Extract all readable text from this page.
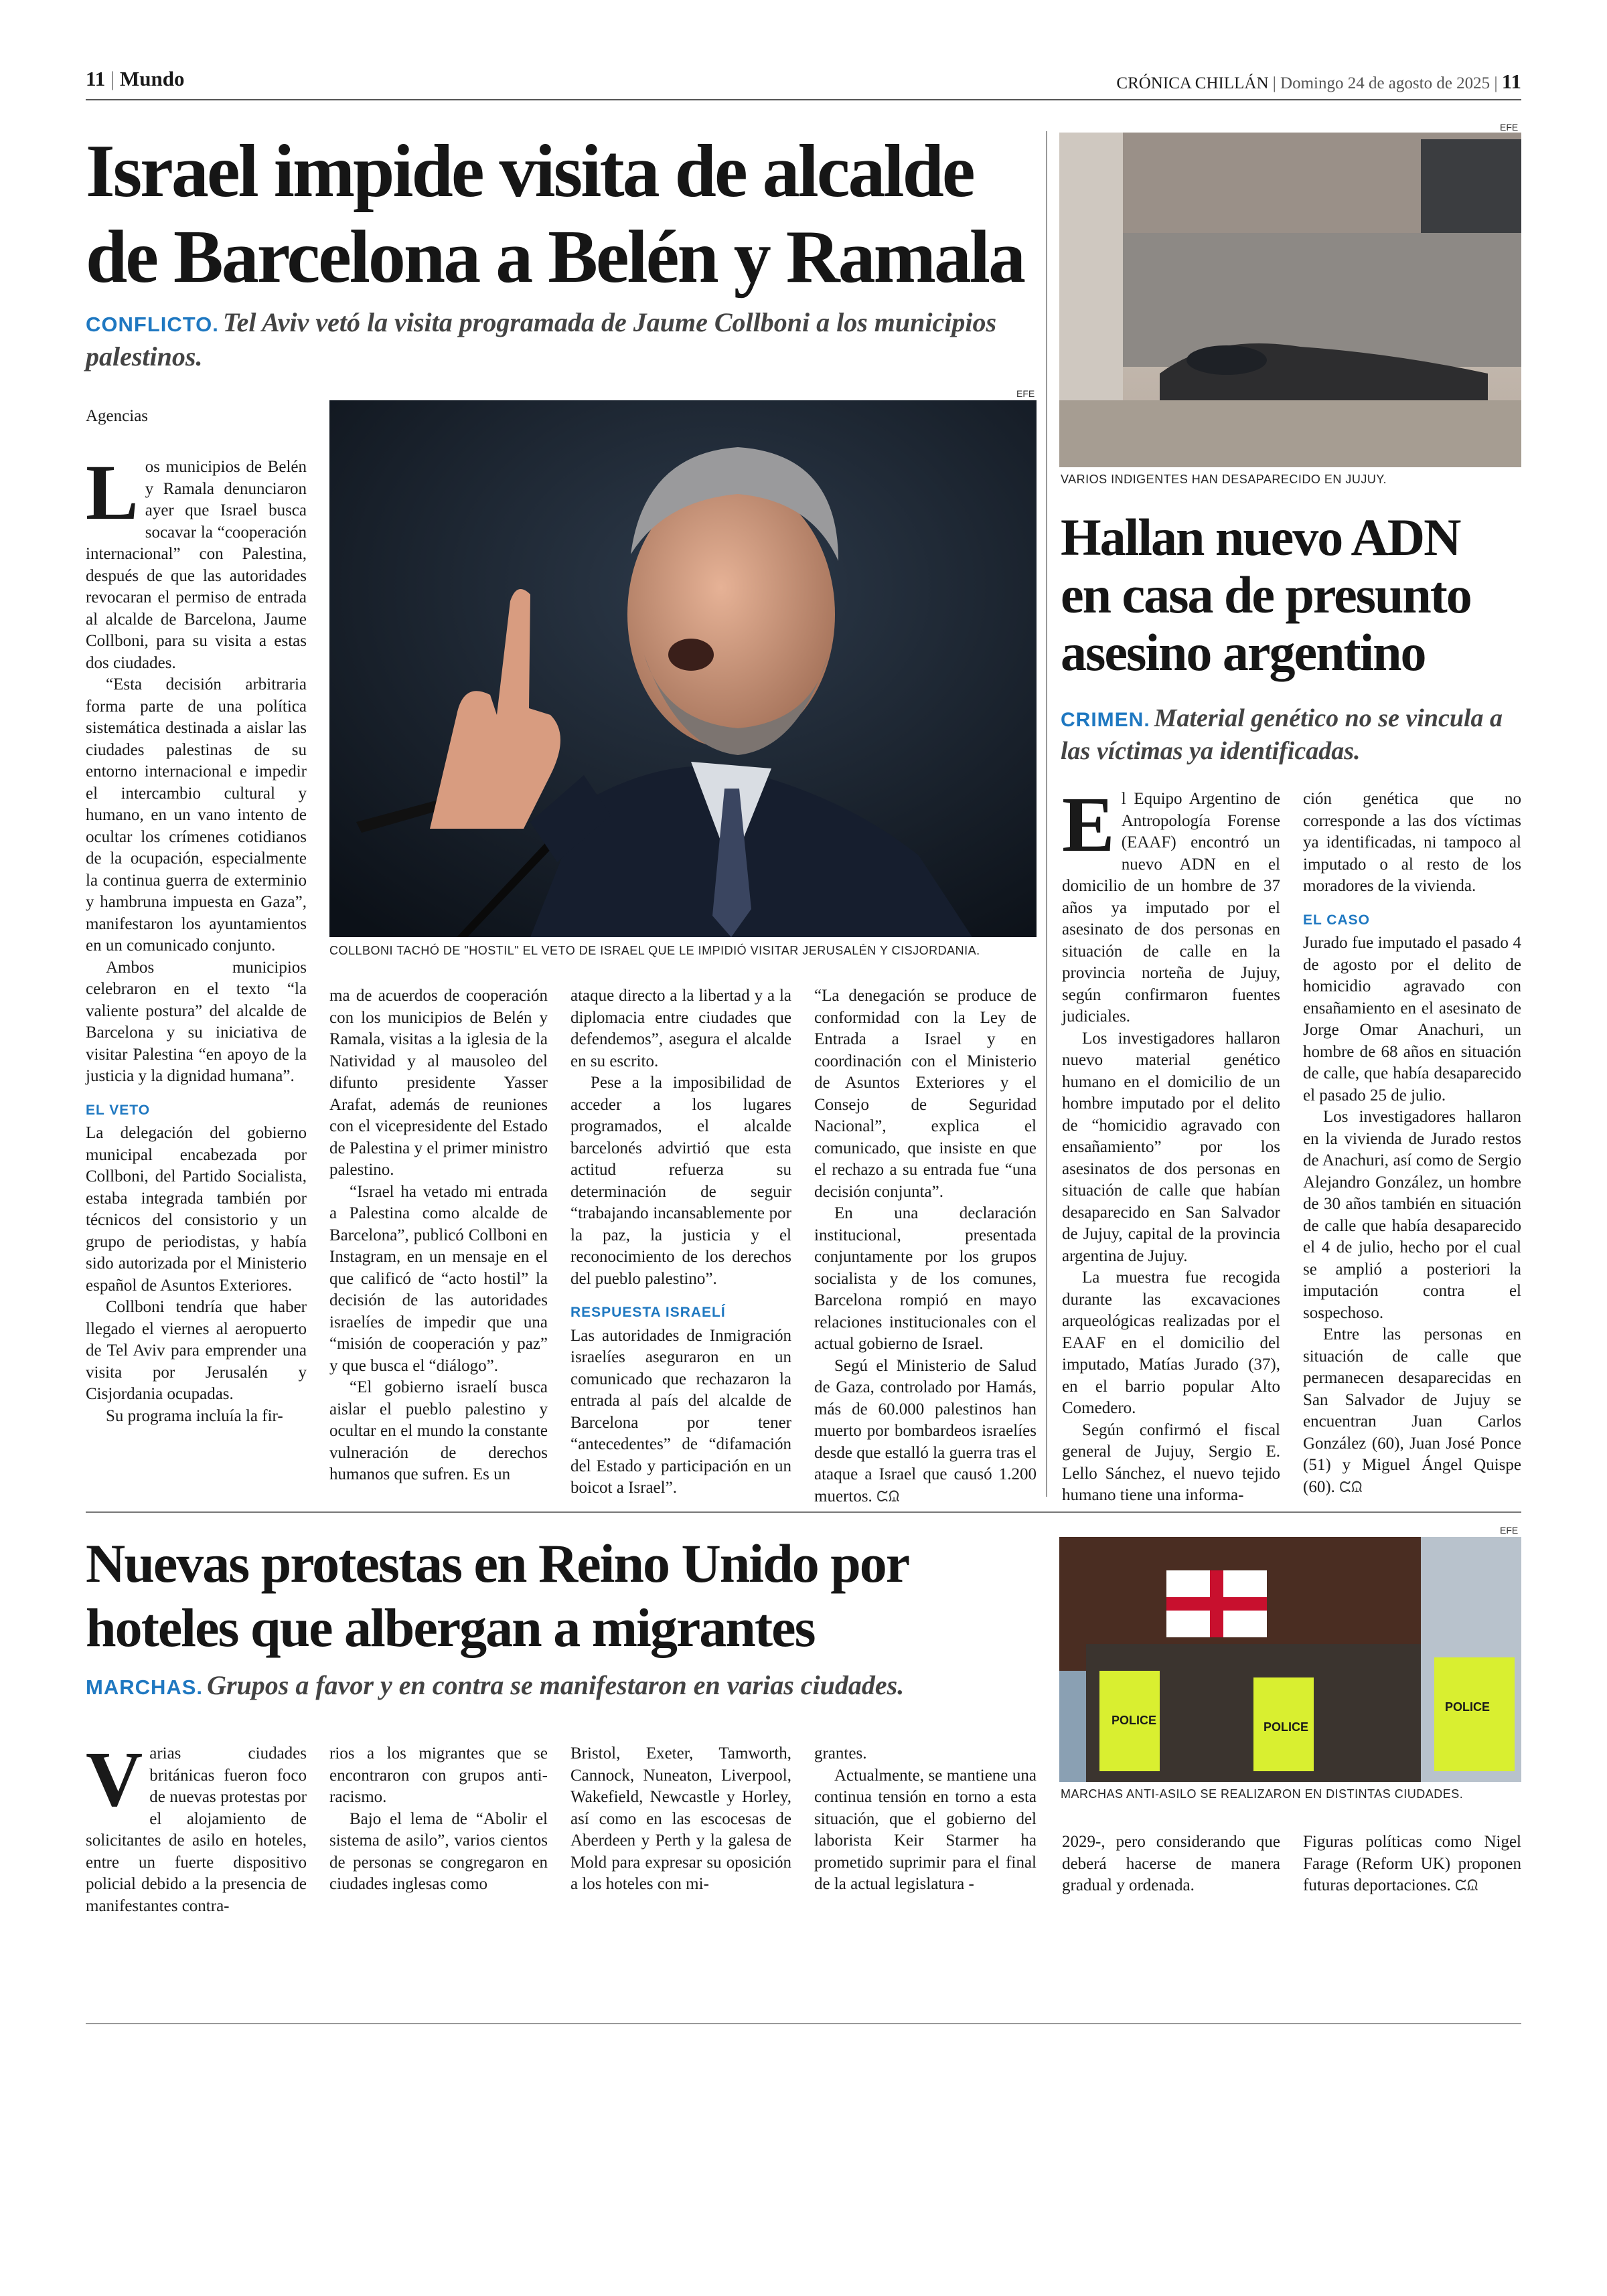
11 | Mundo	CRÓNICA CHILLÁN | Domingo 24 de agosto de 2025 | 11
Israel impide visita de alcalde
de Barcelona a Belén y Ramala
CONFLICTO. Tel Aviv vetó la visita programada de Jaume Collboni a los municipios palestinos.
Agencias
EFE
COLLBONI TACHÓ DE "HOSTIL" EL VETO DE ISRAEL QUE LE IMPIDIÓ VISITAR JERUSALÉN Y CISJORDANIA.

Los municipios de Belén y Ramala denunciaron ayer que Israel busca socavar la “cooperación internacional” con Palestina, después de que las autoridades revocaran el permiso de entrada al alcalde de Barcelona, Jaume Collboni, para su visita a estas dos ciudades.

“Esta decisión arbitraria forma parte de una política sistemática destinada a aislar las ciudades palestinas de su entorno internacional e impedir el intercambio cultural y humano, en un vano intento de ocultar los crímenes cotidianos de la ocupación, especialmente la continua guerra de exterminio y hambruna impuesta en Gaza”, manifestaron los ayuntamientos en un comunicado conjunto.

Ambos municipios celebraron en el texto “la valiente postura” del alcalde de Barcelona y su iniciativa de visitar Palestina “en apoyo de la justicia y la dignidad humana”.

EL VETO

La delegación del gobierno municipal encabezada por Collboni, del Partido Socialista, estaba integrada también por técnicos del consistorio y un grupo de periodistas, y había sido autorizada por el Ministerio español de Asuntos Exteriores.

Collboni tendría que haber llegado el viernes al aeropuerto de Tel Aviv para emprender una visita por Jerusalén y Cisjordania ocupadas.

Su programa incluía la fir-

ma de acuerdos de cooperación con los municipios de Belén y Ramala, visitas a la iglesia de la Natividad y al mausoleo del difunto presidente Yasser Arafat, además de reuniones con el vicepresidente del Estado de Palestina y el primer ministro palestino.

“Israel ha vetado mi entrada a Palestina como alcalde de Barcelona”, publicó Collboni en Instagram, en un mensaje en el que calificó de “acto hostil” la decisión de las autoridades israelíes de impedir que una “misión de cooperación y paz” y que busca el “diálogo”.

“El gobierno israelí busca aislar el pueblo palestino y ocultar en el mundo la constante vulneración de derechos humanos que sufren. Es un

ataque directo a la libertad y a la diplomacia entre ciudades que defendemos”, asegura el alcalde en su escrito.

Pese a la imposibilidad de acceder a los lugares programados, el alcalde barcelonés advirtió que esta actitud refuerza su determinación de seguir “trabajando incansablemente por la paz, la justicia y el reconocimiento de los derechos del pueblo palestino”.

RESPUESTA ISRAELÍ

Las autoridades de Inmigración israelíes aseguraron en un comunicado que rechazaron la entrada al país del alcalde de Barcelona por tener “antecedentes” de “difamación del Estado y participación en un boicot a Israel”.

“La denegación se produce de conformidad con la Ley de Entrada a Israel y en coordinación con el Ministerio de Asuntos Exteriores y el Consejo de Seguridad Nacional”, explica el comunicado, que insiste en que el rechazo a su entrada fue “una decisión conjunta”.

En una declaración institucional, presentada conjuntamente por los grupos socialista y de los comunes, Barcelona rompió en mayo relaciones institucionales con el actual gobierno de Israel.

Segú el Ministerio de Salud de Gaza, controlado por Hamás, más de 60.000 palestinos han muerto por bombardeos israelíes desde que estalló la guerra tras el ataque a Israel que causó 1.200 muertos. ᙅᙉ

EFE
VARIOS INDIGENTES HAN DESAPARECIDO EN JUJUY.
Hallan nuevo ADN
en casa de presunto
asesino argentino
CRIMEN. Material genético no se vincula a las víctimas ya identificadas.

El Equipo Argentino de Antropología Forense (EAAF) encontró un nuevo ADN en el domicilio de un hombre de 37 años ya imputado por el asesinato de dos personas en situación de calle en la provincia norteña de Jujuy, según confirmaron fuentes judiciales.

Los investigadores hallaron nuevo material genético humano en el domicilio de un hombre imputado por el delito de “homicidio agravado con ensañamiento” por los asesinatos de dos personas en situación de calle que habían desaparecido en San Salvador de Jujuy, capital de la provincia argentina de Jujuy.

La muestra fue recogida durante las excavaciones arqueológicas realizadas por el EAAF en el domicilio del imputado, Matías Jurado (37), en el barrio popular Alto Comedero.

Según confirmó el fiscal general de Jujuy, Sergio E. Lello Sánchez, el nuevo tejido humano tiene una informa-

ción genética que no corresponde a las dos víctimas ya identificadas, ni tampoco al imputado o al resto de los moradores de la vivienda.

EL CASO

Jurado fue imputado el pasado 4 de agosto por el delito de homicidio agravado con ensañamiento en el asesinato de Jorge Omar Anachuri, un hombre de 68 años en situación de calle, que había desaparecido el pasado 25 de julio.

Los investigadores hallaron en la vivienda de Jurado restos de Anachuri, así como de Sergio Alejandro González, un hombre de 30 años también en situación de calle que había desaparecido el 4 de julio, hecho por el cual se amplió a posteriori la imputación contra el sospechoso.

Entre las personas en situación de calle que permanecen desaparecidas en San Salvador de Jujuy se encuentran Juan Carlos González (60), Juan José Ponce (51) y Miguel Ángel Quispe (60). ᙅᙉ

Nuevas protestas en Reino Unido por
hoteles que albergan a migrantes
MARCHAS. Grupos a favor y en contra se manifestaron en varias ciudades.
EFE
POLICE	POLICE
POLICE
MARCHAS ANTI-ASILO SE REALIZARON EN DISTINTAS CIUDADES.

Varias ciudades británicas fueron foco de nuevas protestas por el alojamiento de solicitantes de asilo en hoteles, entre un fuerte dispositivo policial debido a la presencia de manifestantes contra-

rios a los migrantes que se encontraron con grupos anti-racismo.

Bajo el lema de “Abolir el sistema de asilo”, varios cientos de personas se congregaron en ciudades inglesas como

Bristol, Exeter, Tamworth, Cannock, Nuneaton, Liverpool, Wakefield, Newcastle y Horley, así como en las escocesas de Aberdeen y Perth y la galesa de Mold para expresar su oposición a los hoteles con mi-

grantes.

Actualmente, se mantiene una continua tensión en torno a esta situación, que el gobierno del laborista Keir Starmer ha prometido suprimir para el final de la actual legislatura -

2029-, pero considerando que deberá hacerse de manera gradual y ordenada.

Figuras políticas como Nigel Farage (Reform UK) proponen futuras deportaciones. ᙅᙉ
